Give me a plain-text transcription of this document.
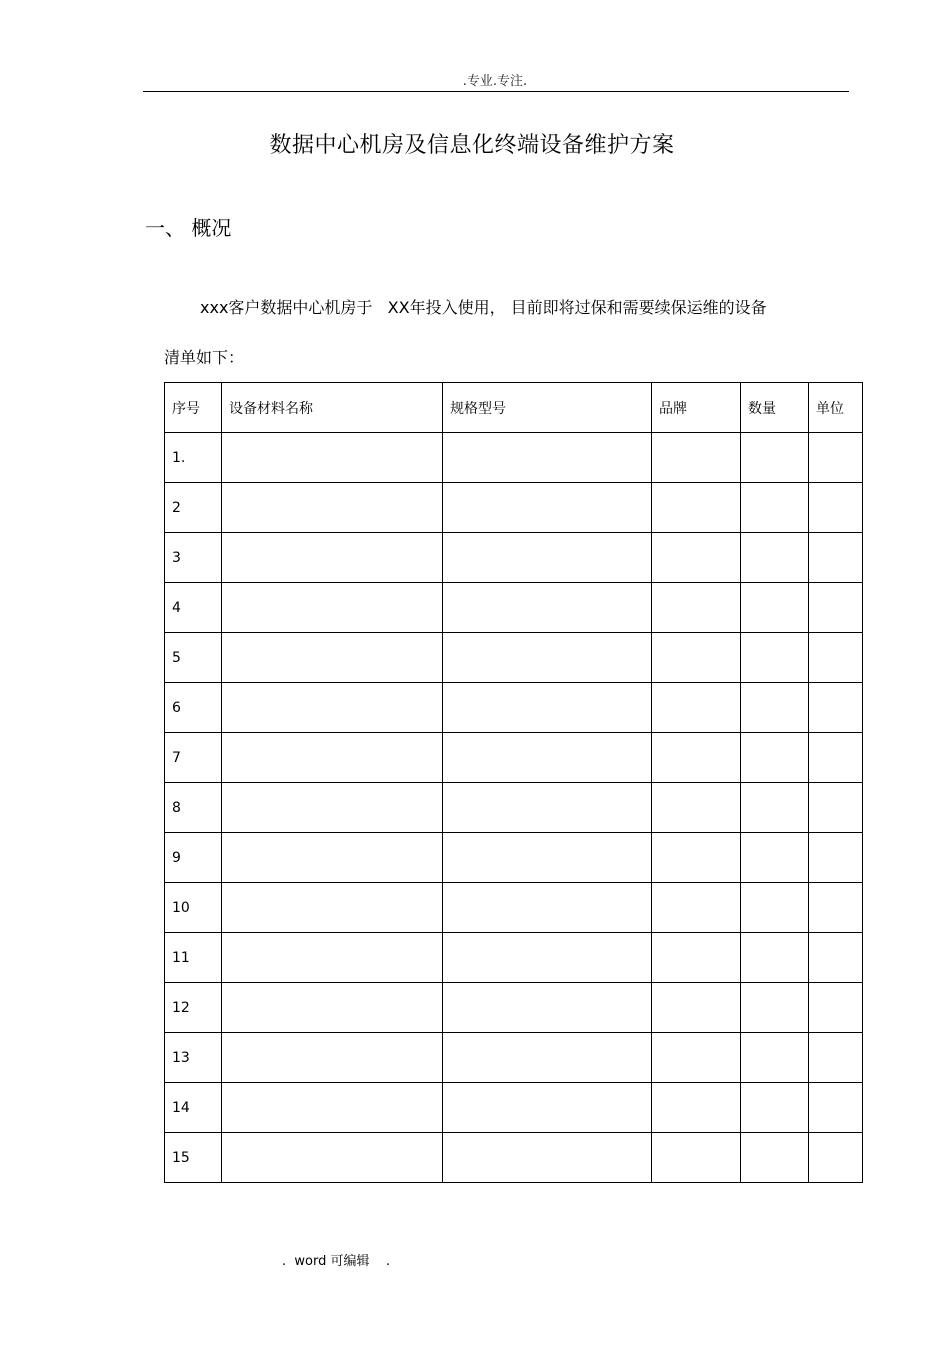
.专业.专注.
数据中心机房及信息化终端设备维护方案
一、 概况
xxx客户数据中心机房于   XX年投入使用， 目前即将过保和需要续保运维的设备
清单如下：
序号	设备材料名称	规格型号	品牌	数量	单位
1.					
2					
3					
4					
5					
6					
7					
8					
9					
10					
11					
12					
13					
14					
15					
.  word 可编辑    .
